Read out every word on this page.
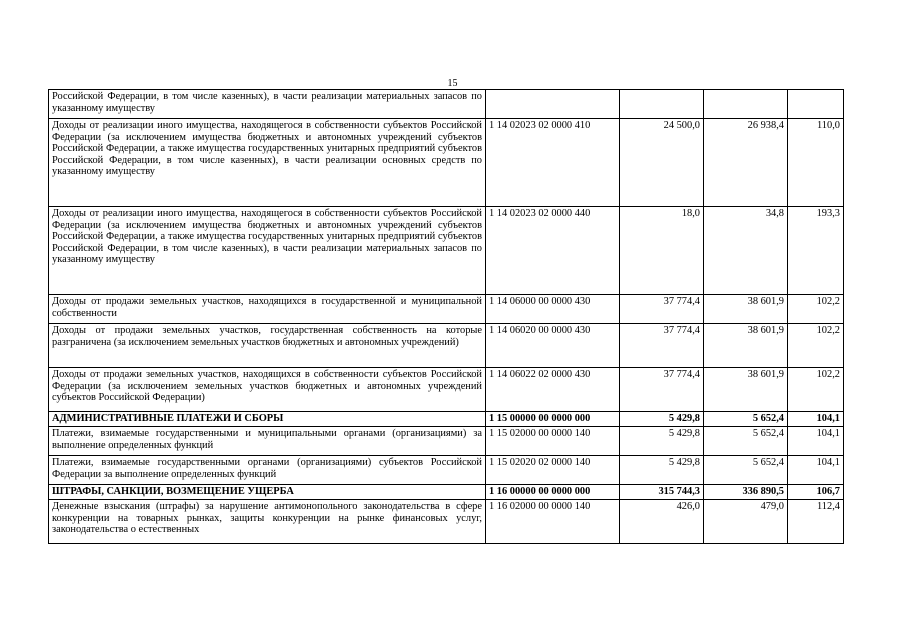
15
Российской Федерации, в том числе казенных), в части реализации материальных запасов по указанному имуществу				
Доходы от реализации иного имущества, находящегося в собственности субъектов Российской Федерации (за исключением имущества бюджетных и автономных учреждений субъектов Российской Федерации, а также имущества государственных унитарных предприятий субъектов Российской Федерации, в том числе казенных), в части реализации основных средств по указанному имуществу	1 14 02023 02 0000 410	24 500,0	26 938,4	110,0
Доходы от реализации иного имущества, находящегося в собственности субъектов Российской Федерации (за исключением имущества бюджетных и автономных учреждений субъектов Российской Федерации, а также имущества государственных унитарных предприятий субъектов Российской Федерации, в том числе казенных), в части реализации материальных запасов по указанному имуществу	1 14 02023 02 0000 440	18,0	34,8	193,3
Доходы от продажи земельных участков, находящихся в государственной и муниципальной собственности	1 14 06000 00 0000 430	37 774,4	38 601,9	102,2
Доходы от продажи земельных участков, государственная собственность на которые разграничена (за исключением земельных участков бюджетных и автономных учреждений)	1 14 06020 00 0000 430	37 774,4	38 601,9	102,2
Доходы от продажи земельных участков, находящихся в собственности субъектов Российской Федерации (за исключением земельных участков бюджетных и автономных учреждений субъектов Российской Федерации)	1 14 06022 02 0000 430	37 774,4	38 601,9	102,2
АДМИНИСТРАТИВНЫЕ ПЛАТЕЖИ И СБОРЫ	1 15 00000 00 0000 000	5 429,8	5 652,4	104,1
Платежи, взимаемые государственными и муниципальными органами (организациями) за выполнение определенных функций	1 15 02000 00 0000 140	5 429,8	5 652,4	104,1
Платежи, взимаемые государственными органами (организациями) субъектов Российской Федерации за выполнение определенных функций	1 15 02020 02 0000 140	5 429,8	5 652,4	104,1
ШТРАФЫ, САНКЦИИ, ВОЗМЕЩЕНИЕ УЩЕРБА	1 16 00000 00 0000 000	315 744,3	336 890,5	106,7
Денежные взыскания (штрафы) за нарушение антимонопольного законодательства в сфере конкуренции на товарных рынках, защиты конкуренции на рынке финансовых услуг, законодательства о естественных	1 16 02000 00 0000 140	426,0	479,0	112,4
